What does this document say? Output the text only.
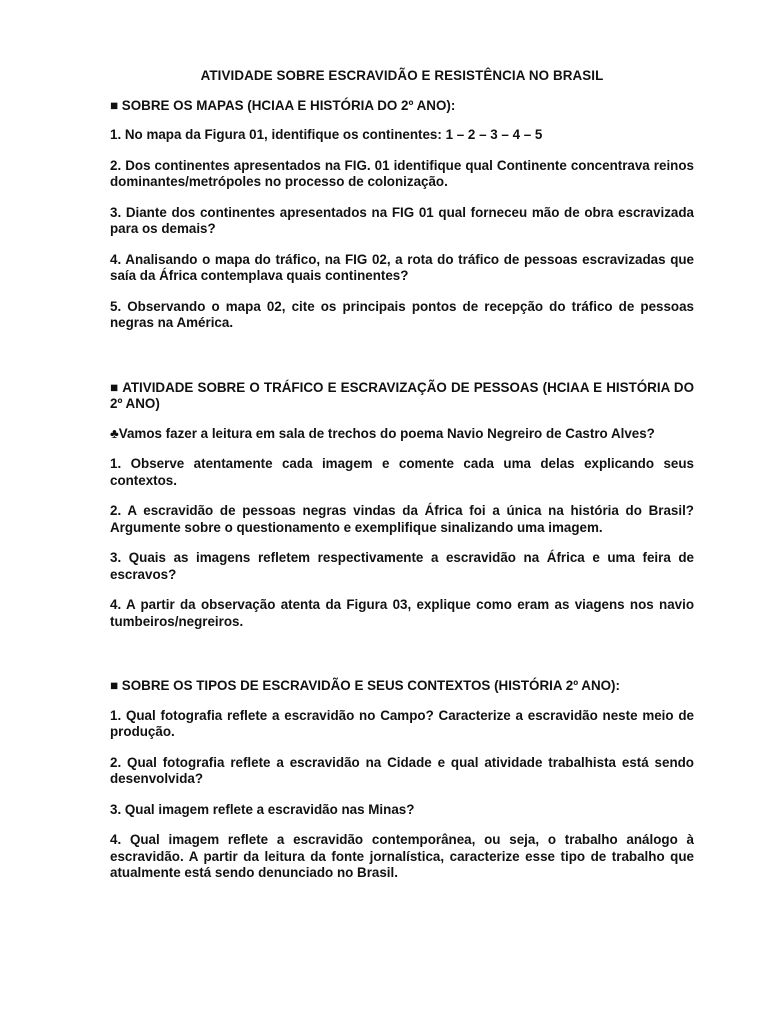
ATIVIDADE SOBRE ESCRAVIDÃO E RESISTÊNCIA NO BRASIL
■ SOBRE OS MAPAS (HCIAA E HISTÓRIA DO 2º ANO):

1. No mapa da Figura 01, identifique os continentes: 1 – 2 – 3 – 4 – 5

2. Dos continentes apresentados na FIG. 01 identifique qual Continente concentrava reinos dominantes/metrópoles no processo de colonização.

3. Diante dos continentes apresentados na FIG 01 qual forneceu mão de obra escravizada para os demais?

4. Analisando o mapa do tráfico, na FIG 02, a rota do tráfico de pessoas escravizadas que saía da África contemplava quais continentes?

5. Observando o mapa 02, cite os principais pontos de recepção do tráfico de pessoas negras na América.

■ ATIVIDADE SOBRE O TRÁFICO E ESCRAVIZAÇÃO DE PESSOAS (HCIAA E HISTÓRIA DO 2º ANO)

♣Vamos fazer a leitura em sala de trechos do poema Navio Negreiro de Castro Alves?

1. Observe atentamente cada imagem e comente cada uma delas explicando seus contextos.

2. A escravidão de pessoas negras vindas da África foi a única na história do Brasil? Argumente sobre o questionamento e exemplifique sinalizando uma imagem.

3. Quais as imagens refletem respectivamente a escravidão na África e uma feira de escravos?

4. A partir da observação atenta da Figura 03, explique como eram as viagens nos navio tumbeiros/negreiros.

■ SOBRE OS TIPOS DE ESCRAVIDÃO E SEUS CONTEXTOS (HISTÓRIA 2º ANO):

1. Qual fotografia reflete a escravidão no Campo? Caracterize a escravidão neste meio de produção.

2. Qual fotografia reflete a escravidão na Cidade e qual atividade trabalhista está sendo desenvolvida?

3. Qual imagem reflete a escravidão nas Minas?

4. Qual imagem reflete a escravidão contemporânea, ou seja, o trabalho análogo à escravidão. A partir da leitura da fonte jornalística, caracterize esse tipo de trabalho que atualmente está sendo denunciado no Brasil.
